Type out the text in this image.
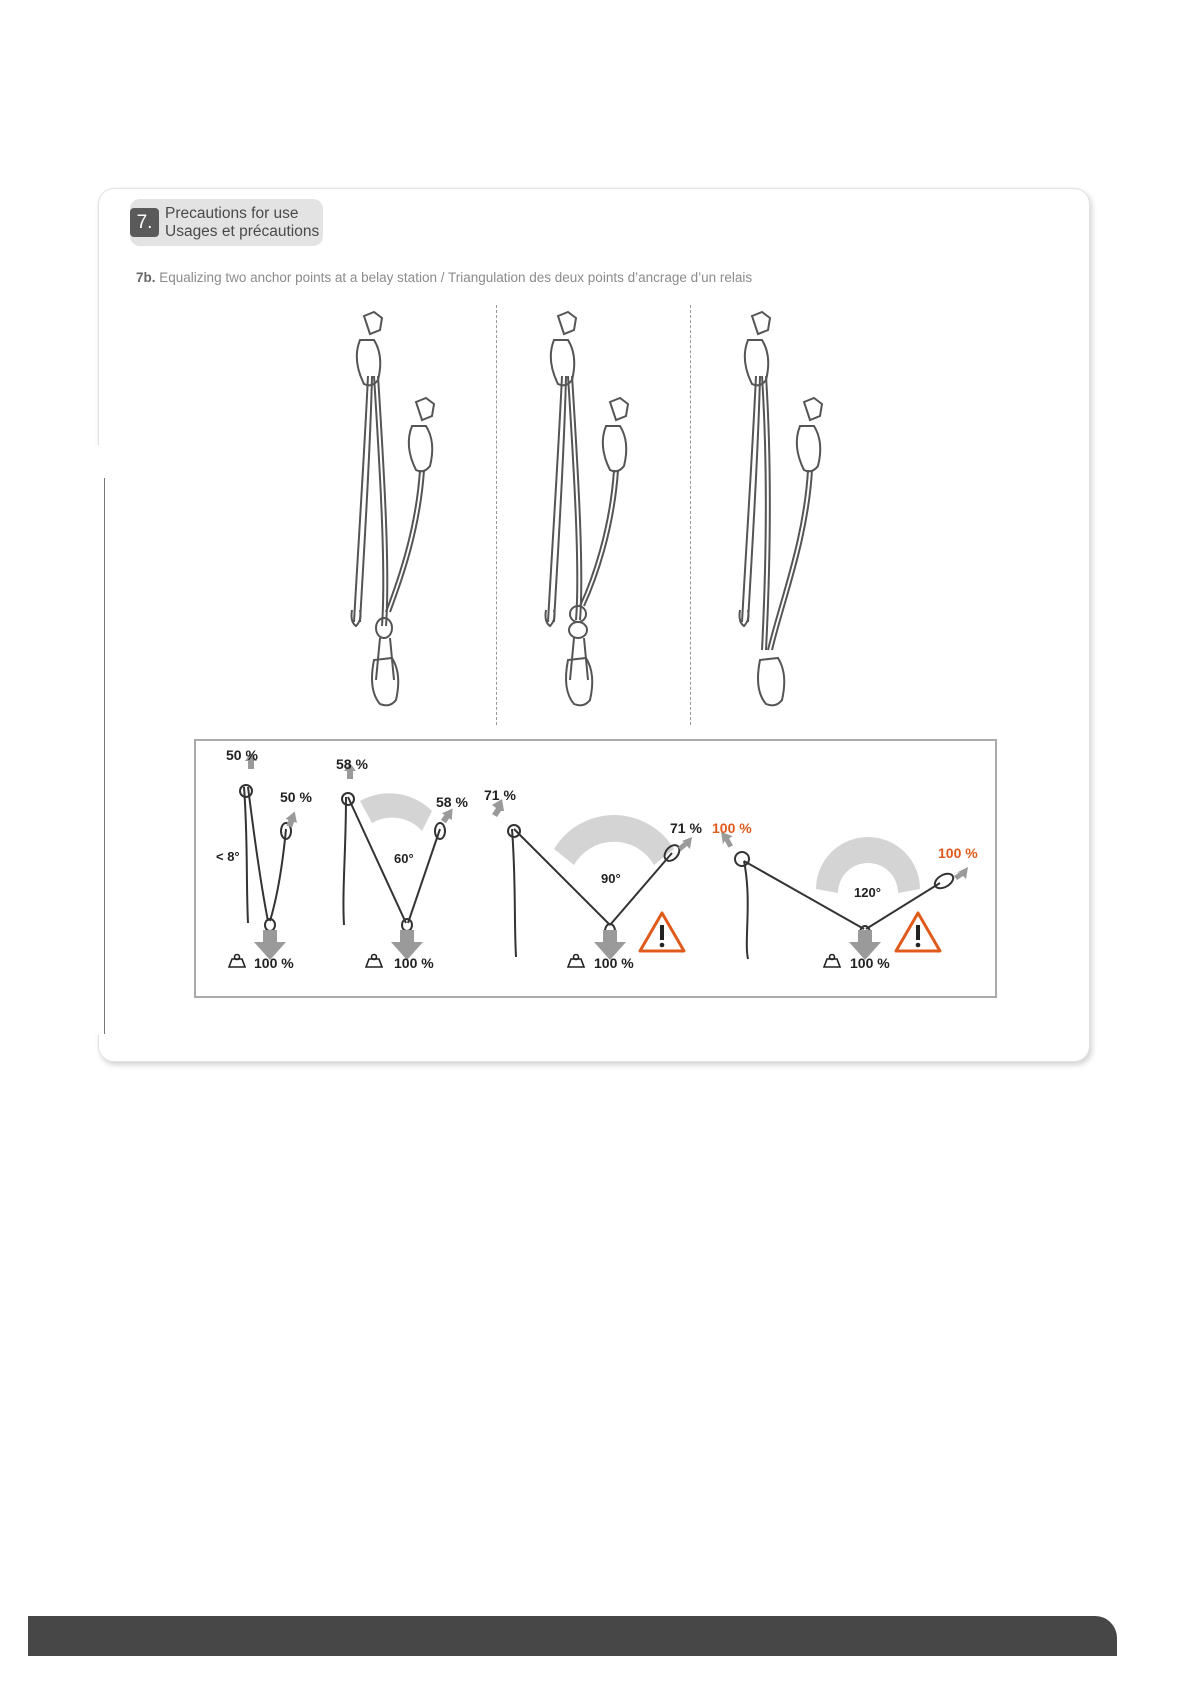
7. Precautions for use
Usages et précautions
7b. Equalizing two anchor points at a belay station / Triangulation des deux points d’ancrage d’un relais
50 %
50 %
< 8°
100 %
58 %
58 %
60°
100 %
71 %
71 %
90°
100 %
100 %
100 %
120°
100 %
